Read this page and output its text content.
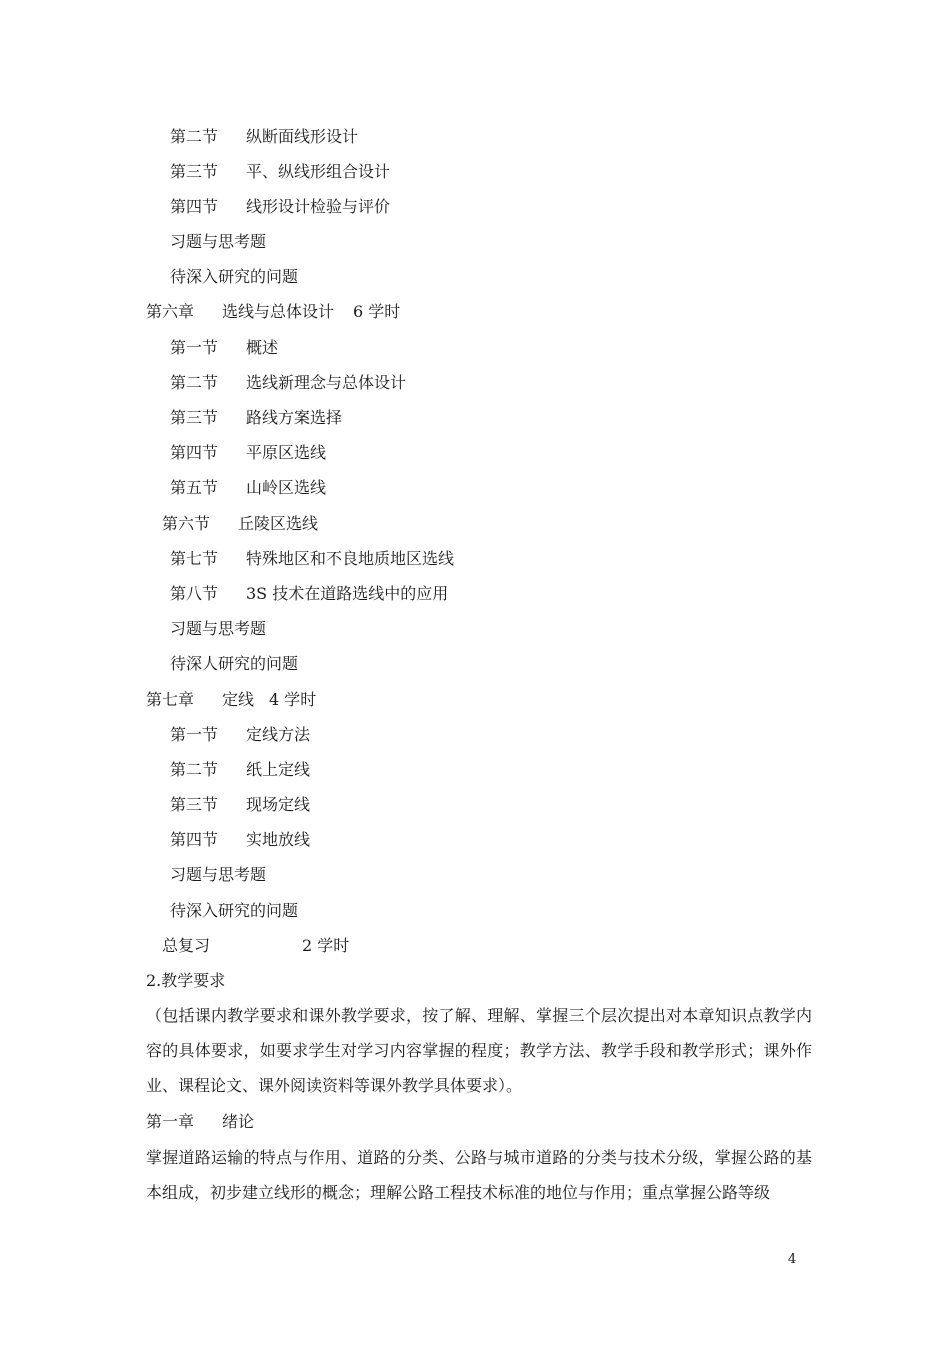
第二节 纵断面线形设计
第三节 平、纵线形组合设计
第四节 线形设计检验与评价
习题与思考题
待深入研究的问题
第六章 选线与总体设计 6 学时
第一节 概述
第二节 选线新理念与总体设计
第三节 路线方案选择
第四节 平原区选线
第五节 山岭区选线
第六节 丘陵区选线
第七节 特殊地区和不良地质地区选线
第八节 3S 技术在道路选线中的应用
习题与思考题
待深人研究的问题
第七章 定线 4 学时
第一节 定线方法
第二节 纸上定线
第三节 现场定线
第四节 实地放线
习题与思考题
待深入研究的问题
总复习	2 学时
2.教学要求
（包括课内教学要求和课外教学要求，按了解、理解、掌握三个层次提出对本章知识点教学内容的具体要求，如要求学生对学习内容掌握的程度；教学方法、教学手段和教学形式；课外作业、课程论文、课外阅读资料等课外教学具体要求）。
第一章 绪论
掌握道路运输的特点与作用、道路的分类、公路与城市道路的分类与技术分级，掌握公路的基本组成，初步建立线形的概念；理解公路工程技术标准的地位与作用；重点掌握公路等级
4
